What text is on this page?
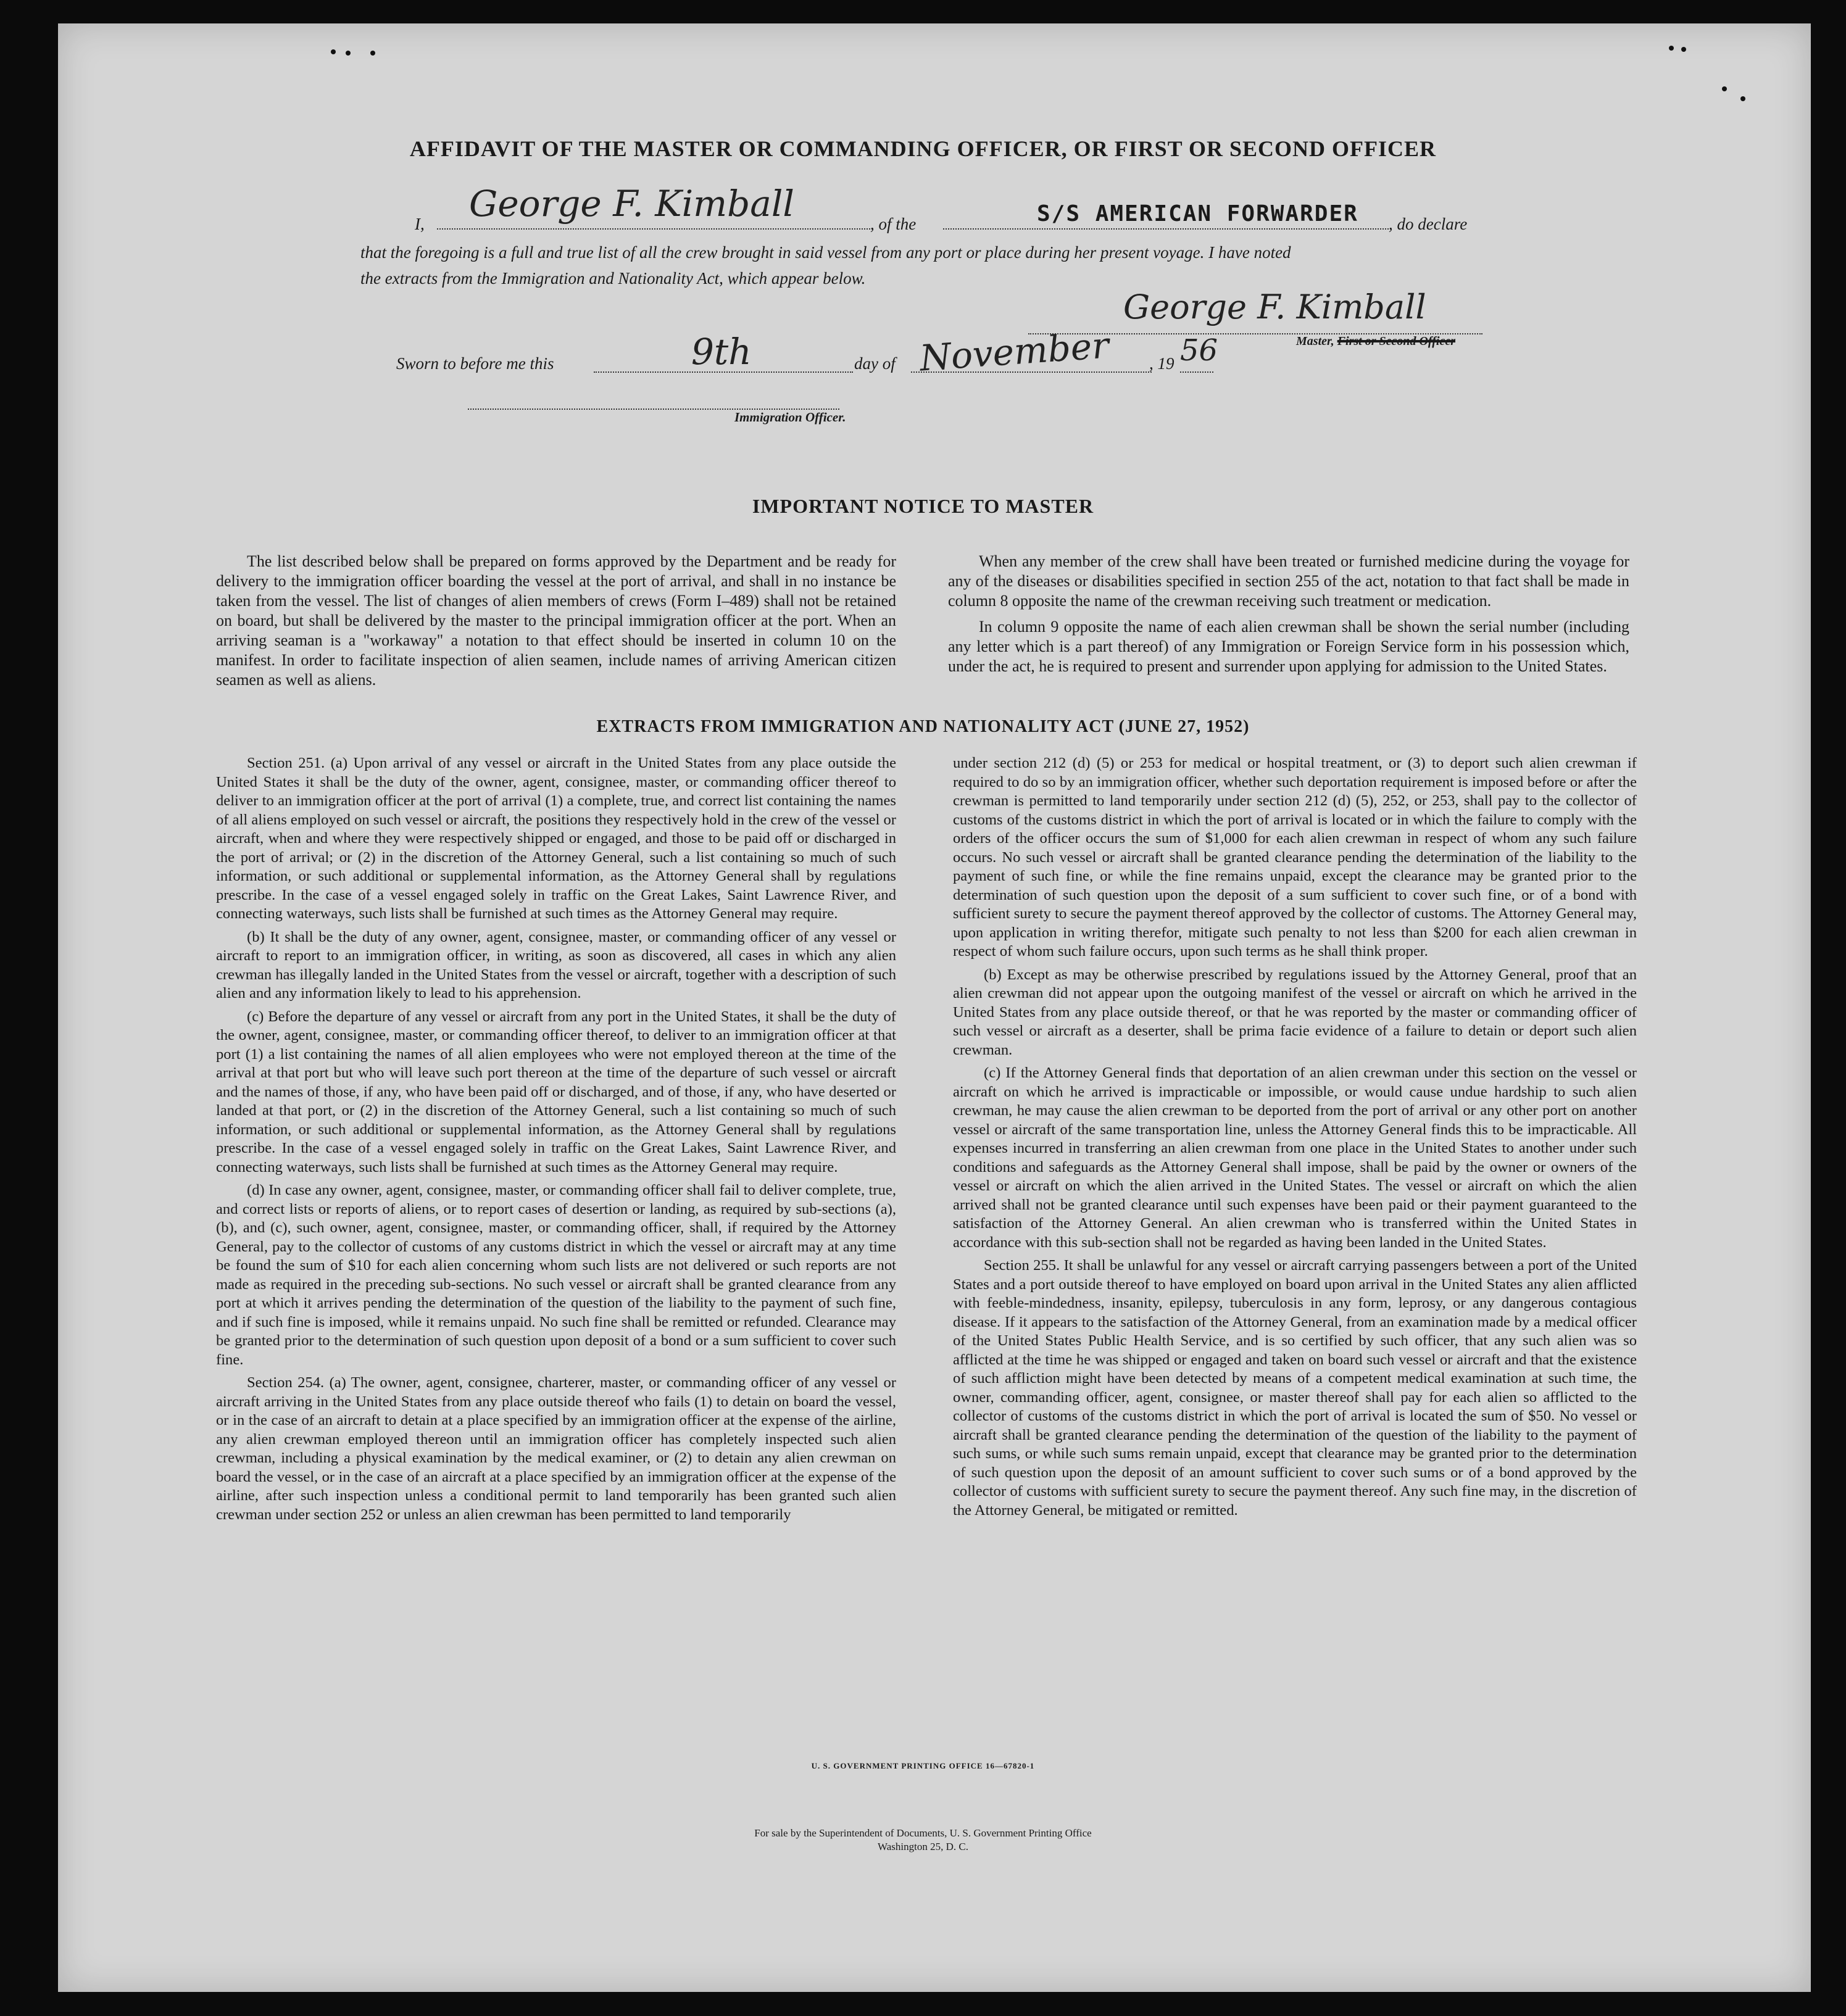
AFFIDAVIT OF THE MASTER OR COMMANDING OFFICER, OR FIRST OR SECOND OFFICER
I, George F. Kimball	, of the	S/S AMERICAN FORWARDER , do declare
that the foregoing is a full and true list of all the crew brought in said vessel from any port or place during her present voyage. I have noted
the extracts from the Immigration and Nationality Act, which appear below.
George F. Kimball
Master, First or Second Officer
Sworn to before me this	9th	day of November , 19 56
Immigration Officer.
IMPORTANT NOTICE TO MASTER

The list described below shall be prepared on forms approved by the Department and be ready for delivery to the immigration officer boarding the vessel at the port of arrival, and shall in no instance be taken from the vessel. The list of changes of alien members of crews (Form I–489) shall not be retained on board, but shall be delivered by the master to the principal immigration officer at the port. When an arriving seaman is a "workaway" a notation to that effect should be inserted in column 10 on the manifest. In order to facilitate inspection of alien seamen, include names of arriving American citizen seamen as well as aliens.

When any member of the crew shall have been treated or furnished medicine during the voyage for any of the diseases or disabilities specified in section 255 of the act, notation to that fact shall be made in column 8 opposite the name of the crewman receiving such treatment or medication.

In column 9 opposite the name of each alien crewman shall be shown the serial number (including any letter which is a part thereof) of any Immigration or Foreign Service form in his possession which, under the act, he is required to present and surrender upon applying for admission to the United States.

EXTRACTS FROM IMMIGRATION AND NATIONALITY ACT (JUNE 27, 1952)

Section 251. (a) Upon arrival of any vessel or aircraft in the United States from any place outside the United States it shall be the duty of the owner, agent, consignee, master, or commanding officer thereof to deliver to an immigration officer at the port of arrival (1) a complete, true, and correct list containing the names of all aliens employed on such vessel or aircraft, the positions they respectively hold in the crew of the vessel or aircraft, when and where they were respectively shipped or engaged, and those to be paid off or discharged in the port of arrival; or (2) in the discretion of the Attorney General, such a list containing so much of such information, or such additional or supplemental information, as the Attorney General shall by regulations prescribe. In the case of a vessel engaged solely in traffic on the Great Lakes, Saint Lawrence River, and connecting waterways, such lists shall be furnished at such times as the Attorney General may require.

(b) It shall be the duty of any owner, agent, consignee, master, or commanding officer of any vessel or aircraft to report to an immigration officer, in writing, as soon as discovered, all cases in which any alien crewman has illegally landed in the United States from the vessel or aircraft, together with a description of such alien and any information likely to lead to his apprehension.

(c) Before the departure of any vessel or aircraft from any port in the United States, it shall be the duty of the owner, agent, consignee, master, or commanding officer thereof, to deliver to an immigration officer at that port (1) a list containing the names of all alien employees who were not employed thereon at the time of the arrival at that port but who will leave such port thereon at the time of the departure of such vessel or aircraft and the names of those, if any, who have been paid off or discharged, and of those, if any, who have deserted or landed at that port, or (2) in the discretion of the Attorney General, such a list containing so much of such information, or such additional or supplemental information, as the Attorney General shall by regulations prescribe. In the case of a vessel engaged solely in traffic on the Great Lakes, Saint Lawrence River, and connecting waterways, such lists shall be furnished at such times as the Attorney General may require.

(d) In case any owner, agent, consignee, master, or commanding officer shall fail to deliver complete, true, and correct lists or reports of aliens, or to report cases of desertion or landing, as required by sub-sections (a), (b), and (c), such owner, agent, consignee, master, or commanding officer, shall, if required by the Attorney General, pay to the collector of customs of any customs district in which the vessel or aircraft may at any time be found the sum of $10 for each alien concerning whom such lists are not delivered or such reports are not made as required in the preceding sub-sections. No such vessel or aircraft shall be granted clearance from any port at which it arrives pending the determination of the question of the liability to the payment of such fine, and if such fine is imposed, while it remains unpaid. No such fine shall be remitted or refunded. Clearance may be granted prior to the determination of such question upon deposit of a bond or a sum sufficient to cover such fine.

Section 254. (a) The owner, agent, consignee, charterer, master, or commanding officer of any vessel or aircraft arriving in the United States from any place outside thereof who fails (1) to detain on board the vessel, or in the case of an aircraft to detain at a place specified by an immigration officer at the expense of the airline, any alien crewman employed thereon until an immigration officer has completely inspected such alien crewman, including a physical examination by the medical examiner, or (2) to detain any alien crewman on board the vessel, or in the case of an aircraft at a place specified by an immigration officer at the expense of the airline, after such inspection unless a conditional permit to land temporarily has been granted such alien crewman under section 252 or unless an alien crewman has been permitted to land temporarily

under section 212 (d) (5) or 253 for medical or hospital treatment, or (3) to deport such alien crewman if required to do so by an immigration officer, whether such deportation requirement is imposed before or after the crewman is permitted to land temporarily under section 212 (d) (5), 252, or 253, shall pay to the collector of customs of the customs district in which the port of arrival is located or in which the failure to comply with the orders of the officer occurs the sum of $1,000 for each alien crewman in respect of whom any such failure occurs. No such vessel or aircraft shall be granted clearance pending the determination of the liability to the payment of such fine, or while the fine remains unpaid, except the clearance may be granted prior to the determination of such question upon the deposit of a sum sufficient to cover such fine, or of a bond with sufficient surety to secure the payment thereof approved by the collector of customs. The Attorney General may, upon application in writing therefor, mitigate such penalty to not less than $200 for each alien crewman in respect of whom such failure occurs, upon such terms as he shall think proper.

(b) Except as may be otherwise prescribed by regulations issued by the Attorney General, proof that an alien crewman did not appear upon the outgoing manifest of the vessel or aircraft on which he arrived in the United States from any place outside thereof, or that he was reported by the master or commanding officer of such vessel or aircraft as a deserter, shall be prima facie evidence of a failure to detain or deport such alien crewman.

(c) If the Attorney General finds that deportation of an alien crewman under this section on the vessel or aircraft on which he arrived is impracticable or impossible, or would cause undue hardship to such alien crewman, he may cause the alien crewman to be deported from the port of arrival or any other port on another vessel or aircraft of the same transportation line, unless the Attorney General finds this to be impracticable. All expenses incurred in transferring an alien crewman from one place in the United States to another under such conditions and safeguards as the Attorney General shall impose, shall be paid by the owner or owners of the vessel or aircraft on which the alien arrived in the United States. The vessel or aircraft on which the alien arrived shall not be granted clearance until such expenses have been paid or their payment guaranteed to the satisfaction of the Attorney General. An alien crewman who is transferred within the United States in accordance with this sub-section shall not be regarded as having been landed in the United States.

Section 255. It shall be unlawful for any vessel or aircraft carrying passengers between a port of the United States and a port outside thereof to have employed on board upon arrival in the United States any alien afflicted with feeble-mindedness, insanity, epilepsy, tuberculosis in any form, leprosy, or any dangerous contagious disease. If it appears to the satisfaction of the Attorney General, from an examination made by a medical officer of the United States Public Health Service, and is so certified by such officer, that any such alien was so afflicted at the time he was shipped or engaged and taken on board such vessel or aircraft and that the existence of such affliction might have been detected by means of a competent medical examination at such time, the owner, commanding officer, agent, consignee, or master thereof shall pay for each alien so afflicted to the collector of customs of the customs district in which the port of arrival is located the sum of $50. No vessel or aircraft shall be granted clearance pending the determination of the question of the liability to the payment of such sums, or while such sums remain unpaid, except that clearance may be granted prior to the determination of such question upon the deposit of an amount sufficient to cover such sums or of a bond approved by the collector of customs with sufficient surety to secure the payment thereof. Any such fine may, in the discretion of the Attorney General, be mitigated or remitted.

U. S. GOVERNMENT PRINTING OFFICE 16—67820-1
For sale by the Superintendent of Documents, U. S. Government Printing Office
Washington 25, D. C.
